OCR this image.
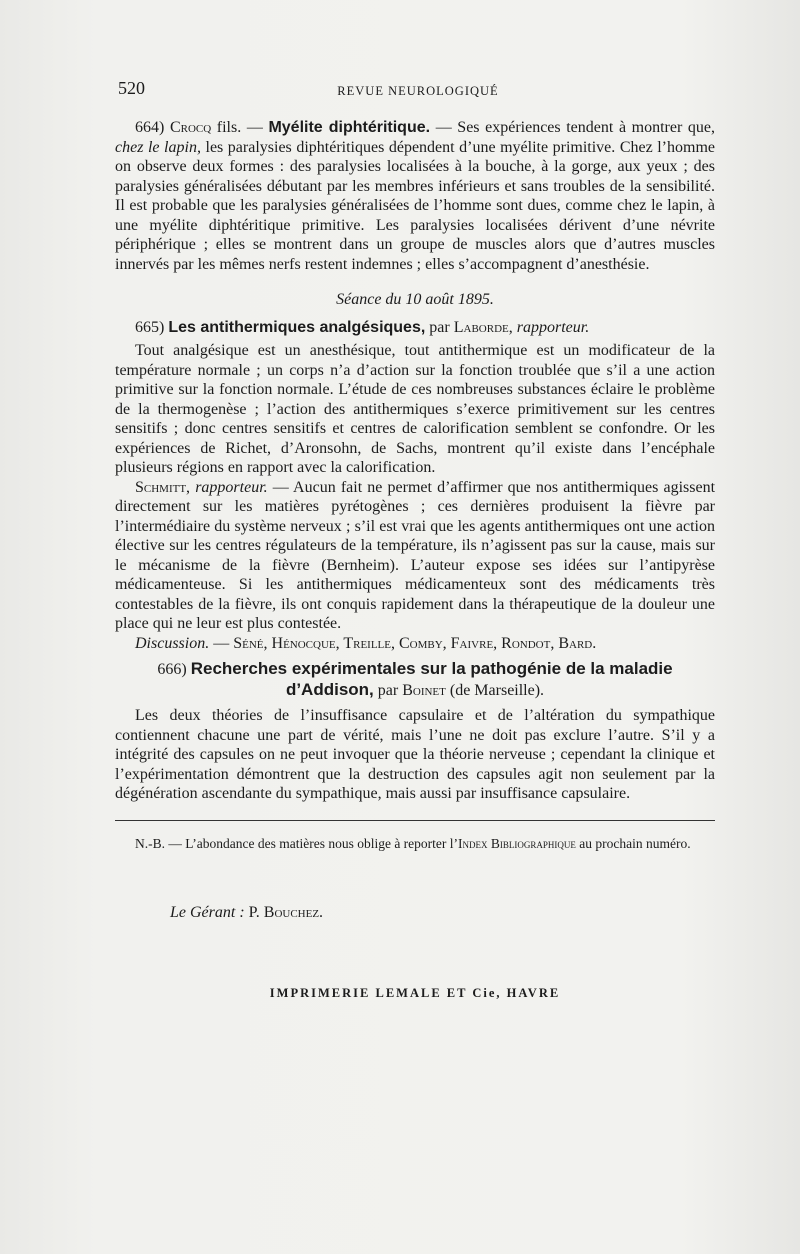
520	REVUE NEUROLOGIQUÉ

664) Crocq fils. — Myélite diphtéritique. — Ses expériences tendent à montrer que, chez le lapin, les paralysies diphtéritiques dépendent d’une myélite primitive. Chez l’homme on observe deux formes : des paralysies localisées à la bouche, à la gorge, aux yeux ; des paralysies généralisées débutant par les membres inférieurs et sans troubles de la sensibilité. Il est probable que les paralysies généralisées de l’homme sont dues, comme chez le lapin, à une myélite diphtéritique primitive. Les paralysies localisées dérivent d’une névrite périphérique ; elles se montrent dans un groupe de muscles alors que d’autres muscles innervés par les mêmes nerfs restent indemnes ; elles s’accompagnent d’anesthésie.

Séance du 10 août 1895.

665) Les antithermiques analgésiques, par Laborde, rapporteur.

Tout analgésique est un anesthésique, tout antithermique est un modificateur de la température normale ; un corps n’a d’action sur la fonction troublée que s’il a une action primitive sur la fonction normale. L’étude de ces nombreuses substances éclaire le problème de la thermogenèse ; l’action des antithermiques s’exerce primitivement sur les centres sensitifs ; donc centres sensitifs et centres de calorification semblent se confondre. Or les expériences de Richet, d’Aronsohn, de Sachs, montrent qu’il existe dans l’encéphale plusieurs régions en rapport avec la calorification.

Schmitt, rapporteur. — Aucun fait ne permet d’affirmer que nos antithermiques agissent directement sur les matières pyrétogènes ; ces dernières produisent la fièvre par l’intermédiaire du système nerveux ; s’il est vrai que les agents antithermiques ont une action élective sur les centres régulateurs de la température, ils n’agissent pas sur la cause, mais sur le mécanisme de la fièvre (Bernheim). L’auteur expose ses idées sur l’antipyrèse médicamenteuse. Si les antithermiques médicamenteux sont des médicaments très contestables de la fièvre, ils ont conquis rapidement dans la thérapeutique de la douleur une place qui ne leur est plus contestée.

Discussion. — Séné, Hénocque, Treille, Comby, Faivre, Rondot, Bard.

666) Recherches expérimentales sur la pathogénie de la maladie
d’Addison, par Boinet (de Marseille).

Les deux théories de l’insuffisance capsulaire et de l’altération du sympathique contiennent chacune une part de vérité, mais l’une ne doit pas exclure l’autre. S’il y a intégrité des capsules on ne peut invoquer que la théorie nerveuse ; cependant la clinique et l’expérimentation démontrent que la destruction des capsules agit non seulement par la dégénération ascendante du sympathique, mais aussi par insuffisance capsulaire.

N.-B. — L’abondance des matières nous oblige à reporter l’Index Bibliographique au prochain numéro.

Le Gérant : P. Bouchez.

IMPRIMERIE LEMALE ET Cie, HAVRE
